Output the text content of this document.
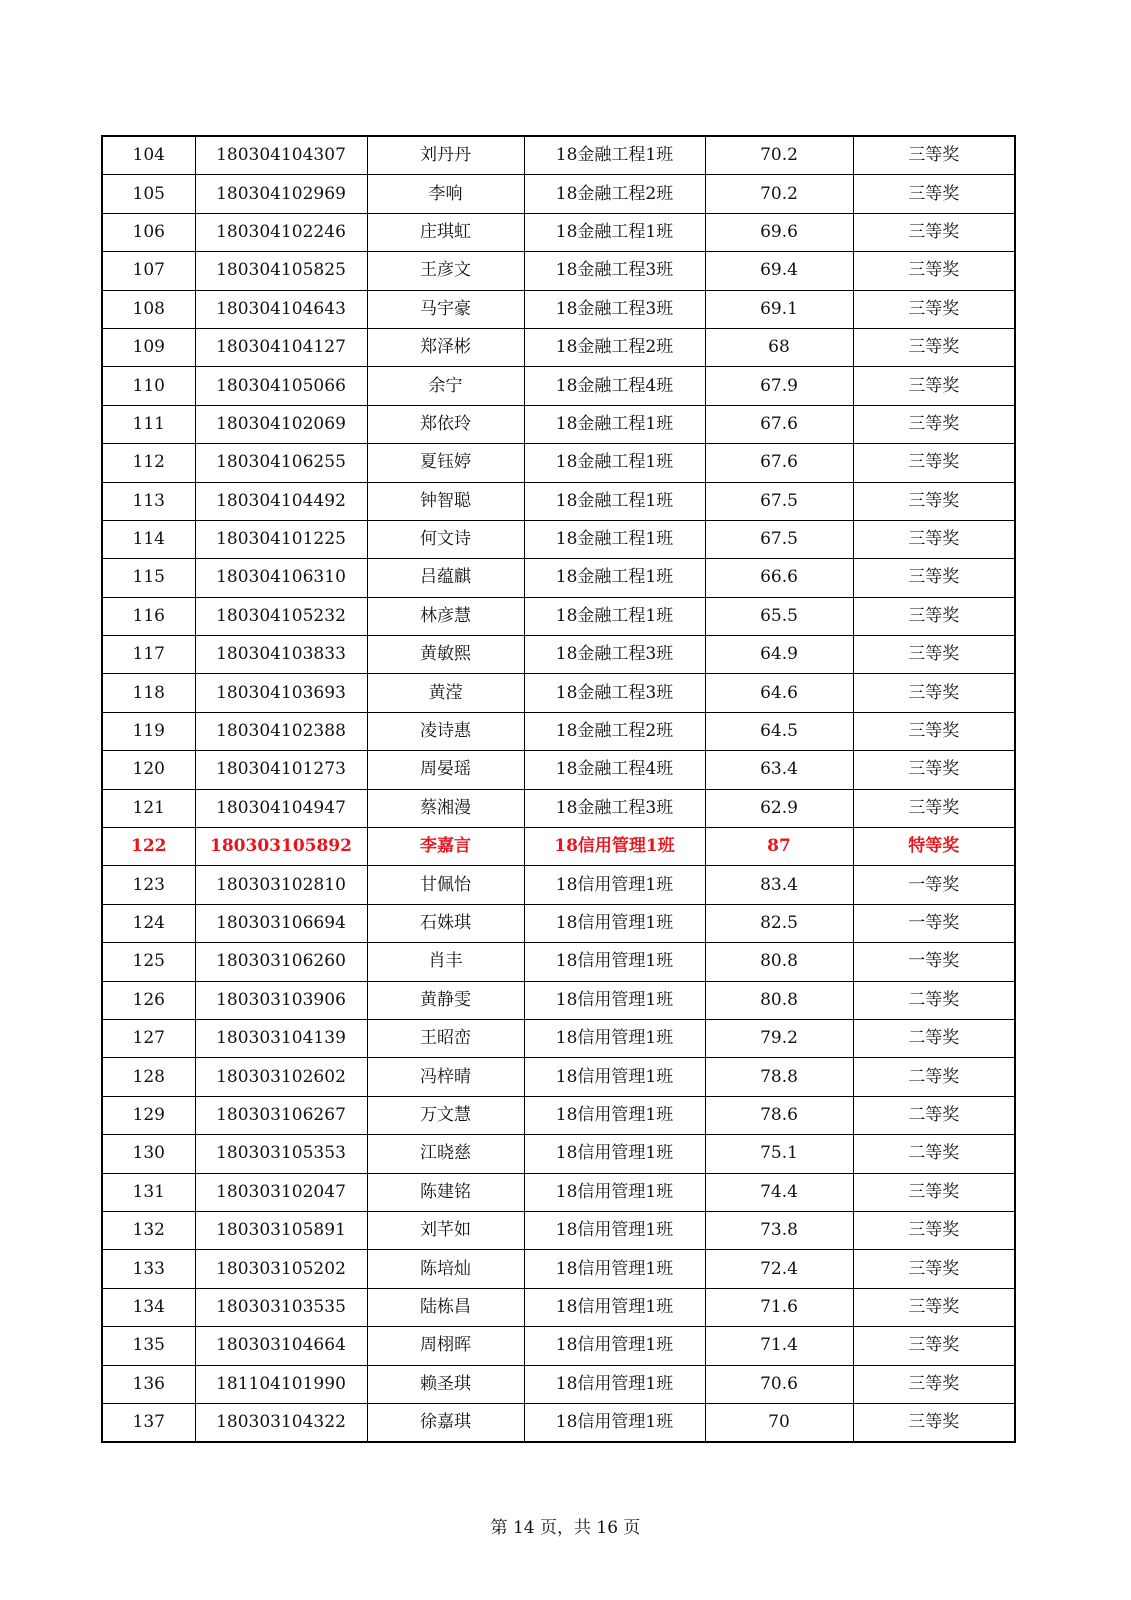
104	180304104307	刘丹丹	18金融工程1班	70.2	三等奖
105	180304102969	李响	18金融工程2班	70.2	三等奖
106	180304102246	庄琪虹	18金融工程1班	69.6	三等奖
107	180304105825	王彦文	18金融工程3班	69.4	三等奖
108	180304104643	马宇豪	18金融工程3班	69.1	三等奖
109	180304104127	郑泽彬	18金融工程2班	68	三等奖
110	180304105066	余宁	18金融工程4班	67.9	三等奖
111	180304102069	郑依玲	18金融工程1班	67.6	三等奖
112	180304106255	夏钰婷	18金融工程1班	67.6	三等奖
113	180304104492	钟智聪	18金融工程1班	67.5	三等奖
114	180304101225	何文诗	18金融工程1班	67.5	三等奖
115	180304106310	吕蕴麒	18金融工程1班	66.6	三等奖
116	180304105232	林彦慧	18金融工程1班	65.5	三等奖
117	180304103833	黄敏熙	18金融工程3班	64.9	三等奖
118	180304103693	黄滢	18金融工程3班	64.6	三等奖
119	180304102388	凌诗惠	18金融工程2班	64.5	三等奖
120	180304101273	周晏瑶	18金融工程4班	63.4	三等奖
121	180304104947	蔡湘漫	18金融工程3班	62.9	三等奖
122	180303105892	李嘉言	18信用管理1班	87	特等奖
123	180303102810	甘佩怡	18信用管理1班	83.4	一等奖
124	180303106694	石姝琪	18信用管理1班	82.5	一等奖
125	180303106260	肖丰	18信用管理1班	80.8	一等奖
126	180303103906	黄静雯	18信用管理1班	80.8	二等奖
127	180303104139	王昭峦	18信用管理1班	79.2	二等奖
128	180303102602	冯梓晴	18信用管理1班	78.8	二等奖
129	180303106267	万文慧	18信用管理1班	78.6	二等奖
130	180303105353	江晓慈	18信用管理1班	75.1	二等奖
131	180303102047	陈建铭	18信用管理1班	74.4	三等奖
132	180303105891	刘芊如	18信用管理1班	73.8	三等奖
133	180303105202	陈培灿	18信用管理1班	72.4	三等奖
134	180303103535	陆栋昌	18信用管理1班	71.6	三等奖
135	180303104664	周栩晖	18信用管理1班	71.4	三等奖
136	181104101990	赖圣琪	18信用管理1班	70.6	三等奖
137	180303104322	徐嘉琪	18信用管理1班	70	三等奖
第 14 页，共 16 页
